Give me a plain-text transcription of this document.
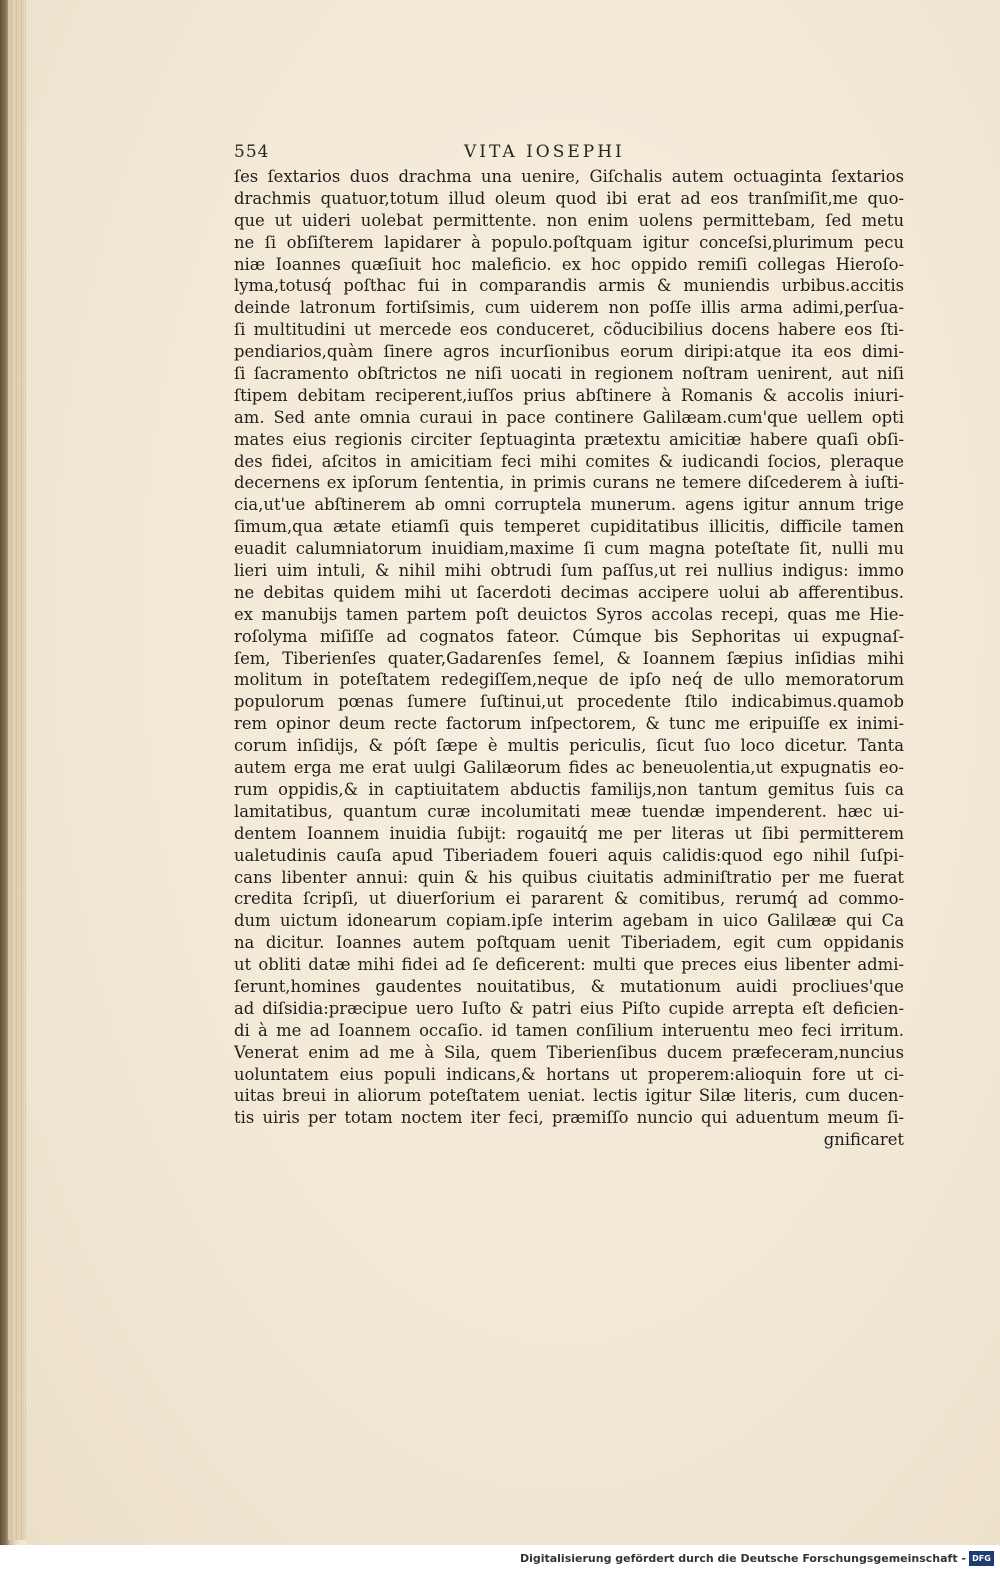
554	VITA IOSEPHI
ſes ſextarios duos drachma una uenire, Giſchalis autem octuaginta ſextarios
drachmis quatuor,totum illud oleum quod ibi erat ad eos tranſmiſit,me quo-
que ut uideri uolebat permittente. non enim uolens permittebam, ſed metu
ne ſi obſiſterem lapidarer à populo.poſtquam igitur conceſsi,plurimum pecu
niæ Ioannes quæſiuit hoc maleficio. ex hoc oppido remiſi collegas Hieroſo-
lyma,totusq́ poſthac fui in comparandis armis & muniendis urbibus.accitis
deinde latronum fortiſsimis, cum uiderem non poſſe illis arma adimi,perſua-
ſi multitudini ut mercede eos conduceret, cõducibilius docens habere eos ſti-
pendiarios,quàm ſinere agros incurſionibus eorum diripi:atque ita eos dimi-
ſi ſacramento obſtrictos ne niſi uocati in regionem noſtram uenirent, aut niſi
ſtipem debitam reciperent,iuſſos prius abſtinere à Romanis & accolis iniuri-
am. Sed ante omnia curaui in pace continere Galilæam.cum'que uellem opti
mates eius regionis circiter ſeptuaginta prætextu amicitiæ habere quaſi obſi-
des fidei, aſcitos in amicitiam feci mihi comites & iudicandi ſocios, pleraque
decernens ex ipſorum ſententia, in primis curans ne temere diſcederem à iuſti-
cia,ut'ue abſtinerem ab omni corruptela munerum. agens igitur annum trige
ſimum,qua ætate etiamſi quis temperet cupiditatibus illicitis, difficile tamen
euadit calumniatorum inuidiam,maxime ſi cum magna poteſtate ſit, nulli mu
lieri uim intuli, & nihil mihi obtrudi ſum paſſus,ut rei nullius indigus: immo
ne debitas quidem mihi ut ſacerdoti decimas accipere uolui ab afferentibus.
ex manubijs tamen partem poſt deuictos Syros accolas recepi, quas me Hie-
roſolyma miſiſſe ad cognatos fateor. Cúmque bis Sephoritas ui expugnaſ-
ſem, Tiberienſes quater,Gadarenſes ſemel, & Ioannem ſæpius inſidias mihi
molitum in poteſtatem redegiſſem,neque de ipſo neq́ de ullo memoratorum
populorum pœnas ſumere ſuſtinui,ut procedente ſtilo indicabimus.quamob
rem opinor deum recte factorum inſpectorem, & tunc me eripuiſſe ex inimi-
corum inſidijs, & póſt ſæpe è multis periculis, ſicut ſuo loco dicetur. Tanta
autem erga me erat uulgi Galilæorum fides ac beneuolentia,ut expugnatis eo-
rum oppidis,& in captiuitatem abductis familijs,non tantum gemitus ſuis ca
lamitatibus, quantum curæ incolumitati meæ tuendæ impenderent. hæc ui-
dentem Ioannem inuidia ſubijt: rogauitq́ me per literas ut ſibi permitterem
ualetudinis cauſa apud Tiberiadem foueri aquis calidis:quod ego nihil ſuſpi-
cans libenter annui: quin & his quibus ciuitatis adminiſtratio per me fuerat
credita ſcripſi, ut diuerſorium ei pararent & comitibus, rerumq́ ad commo-
dum uictum idonearum copiam.ipſe interim agebam in uico Galilææ qui Ca
na dicitur. Ioannes autem poſtquam uenit Tiberiadem, egit cum oppidanis
ut obliti datæ mihi fidei ad ſe deficerent: multi que preces eius libenter admi-
ſerunt,homines gaudentes nouitatibus, & mutationum auidi procliues'que
ad diſsidia:præcipue uero Iuſto & patri eius Piſto cupide arrepta eſt deficien-
di à me ad Ioannem occaſio. id tamen conſilium interuentu meo feci irritum.
Venerat enim ad me à Sila, quem Tiberienſibus ducem præfeceram,nuncius
uoluntatem eius populi indicans,& hortans ut properem:alioquin fore ut ci-
uitas breui in aliorum poteſtatem ueniat. lectis igitur Silæ literis, cum ducen-
tis uiris per totam noctem iter feci, præmiſſo nuncio qui aduentum meum ſi-
gnificaret
Digitalisierung gefördert durch die Deutsche Forschungsgemeinschaft - DFG
